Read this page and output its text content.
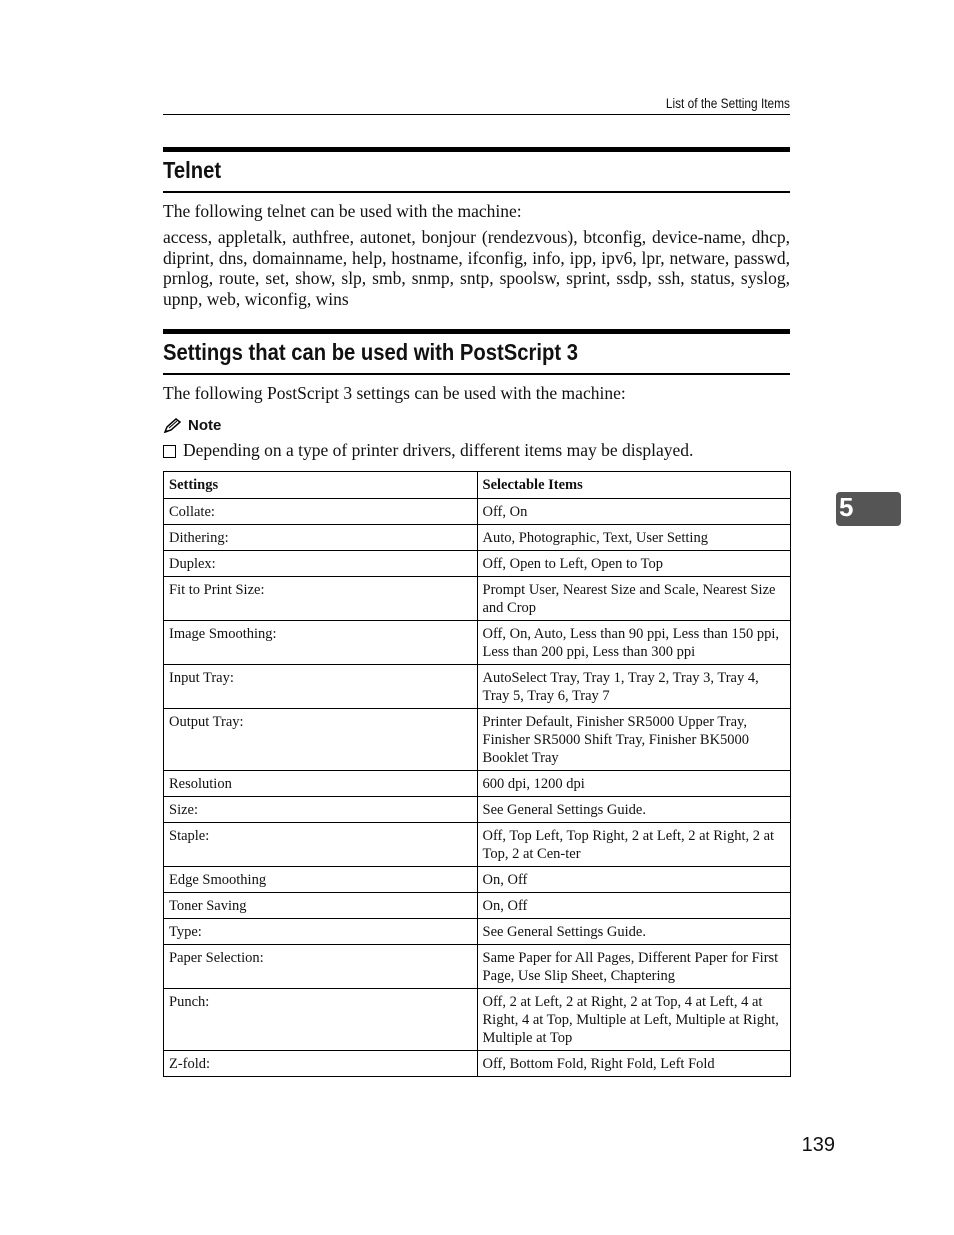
List of the Setting Items
Telnet

The following telnet can be used with the machine:

access, appletalk, authfree, autonet, bonjour (rendezvous), btconfig, device-name, dhcp, diprint, dns, domainname, help, hostname, ifconfig, info, ipp, ipv6, lpr, netware, passwd, prnlog, route, set, show, slp, smb, snmp, sntp, spoolsw, sprint, ssdp, ssh, status, syslog, upnp, web, wiconfig, wins

Settings that can be used with PostScript 3

The following PostScript 3 settings can be used with the machine:

Note
Depending on a type of printer drivers, different items may be displayed.
Settings	Selectable Items
Collate:	Off, On
Dithering:	Auto, Photographic, Text, User Setting
Duplex:	Off, Open to Left, Open to Top
Fit to Print Size:	Prompt User, Nearest Size and Scale, Nearest Size and Crop
Image Smoothing:	Off, On, Auto, Less than 90 ppi, Less than 150 ppi, Less than 200 ppi, Less than 300 ppi
Input Tray:	AutoSelect Tray, Tray 1, Tray 2, Tray 3, Tray 4, Tray 5, Tray 6, Tray 7
Output Tray:	Printer Default, Finisher SR5000 Upper Tray, Finisher SR5000 Shift Tray, Finisher BK5000 Booklet Tray
Resolution	600 dpi, 1200 dpi
Size:	See General Settings Guide.
Staple:	Off, Top Left, Top Right, 2 at Left, 2 at Right, 2 at Top, 2 at Cen-ter
Edge Smoothing	On, Off
Toner Saving	On, Off
Type:	See General Settings Guide.
Paper Selection:	Same Paper for All Pages, Different Paper for First Page, Use Slip Sheet, Chaptering
Punch:	Off, 2 at Left, 2 at Right, 2 at Top, 4 at Left, 4 at Right, 4 at Top, Multiple at Left, Multiple at Right, Multiple at Top
Z-fold:	Off, Bottom Fold, Right Fold, Left Fold
5
139
